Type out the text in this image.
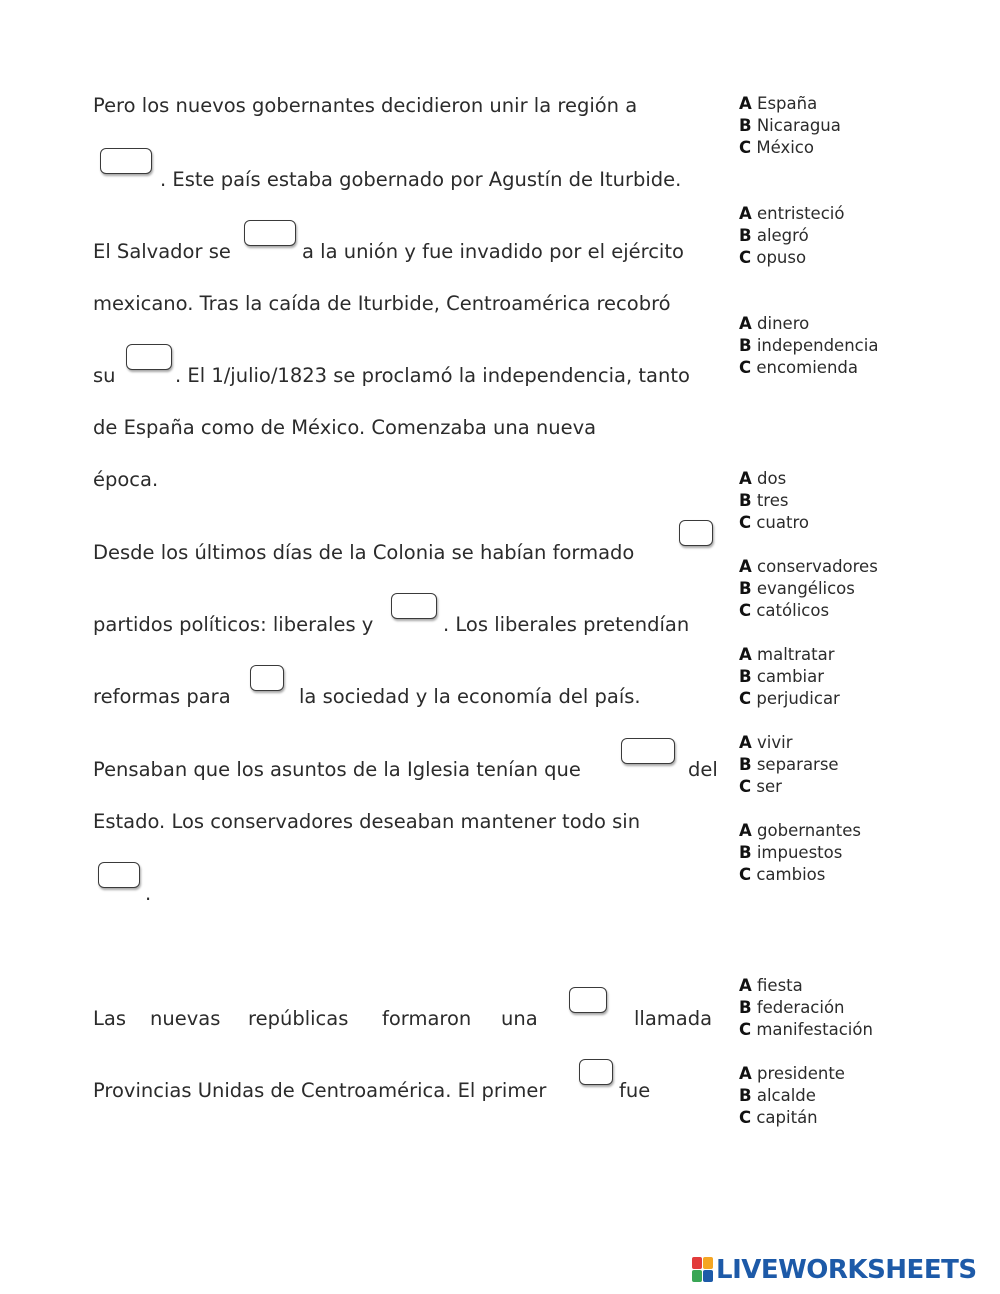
Pero los nuevos gobernantes decidieron unir la región a
. Este país estaba gobernado por Agustín de Iturbide.
El Salvador se	a la unión y fue invadido por el ejército
mexicano. Tras la caída de Iturbide, Centroamérica recobró
su	. El 1/julio/1823 se proclamó la independencia, tanto
de España como de México. Comenzaba una nueva
época.
Desde los últimos días de la Colonia se habían formado
partidos políticos: liberales y	. Los liberales pretendían
reformas para	la sociedad y la economía del país.
Pensaban que los asuntos de la Iglesia tenían que	del
Estado. Los conservadores deseaban mantener todo sin
.
Las nuevas repúblicas formaron una	llamada
Provincias Unidas de Centroamérica. El primer	fue
A España
B Nicaragua
C México
A entristeció
B alegró
C opuso
A dinero
B independencia
C encomienda
A dos
B tres
C cuatro
A conservadores
B evangélicos
C católicos
A maltratar
B cambiar
C perjudicar
A vivir
B separarse
C ser
A gobernantes
B impuestos
C cambios
A fiesta
B federación
C manifestación
A presidente
B alcalde
C capitán
LIVEWORKSHEETS
